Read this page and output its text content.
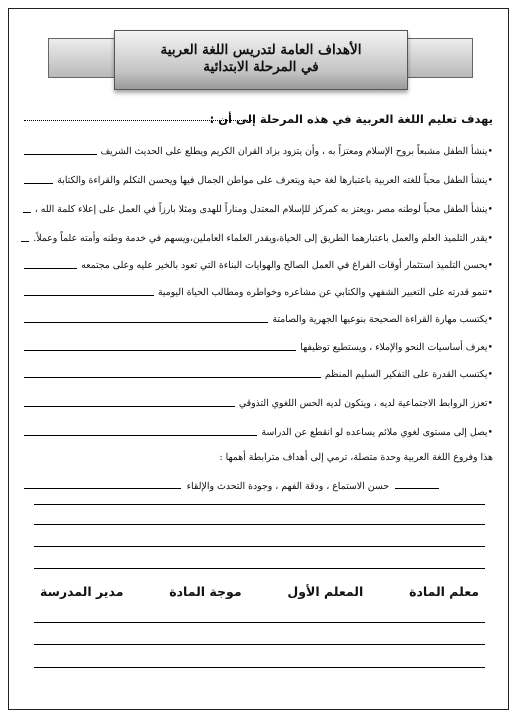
الأهداف العامة لتدريس اللغة العربية
في المرحلة الابتدائية
يهدف تعليم اللغة العربية في هذه المرحلة إلى أن :
•ينشأ الطفل مشبعاً بروح الإسلام ومعتزاً به ، وأن يتزود بزاد القران الكريم ويطلع على الحديث الشريف
•ينشأ الطفل محباً للغته العربية باعتبارها لغة حية ويتعرف على مواطن الجمال فيها ويحسن التكلم والقراءة والكتابة
•ينشأ الطفل محباً لوطنه مصر ،ويعتز به كمركز للإسلام المعتدل ومناراً للهدى ومثلا بارزاً في العمل على إعلاء كلمة الله ،
•يقدر التلميذ العلم والعمل باعتبارهما الطريق إلى الحياة،ويقدر العلماء العاملين،ويسهم في خدمة وطنه وأمته علماً وعملاً.
•يحسن التلميذ استثمار أوقات الفراغ في العمل الصالح والهوايات البناءة التي تعود بالخير عليه وعلى مجتمعه
•تنمو قدرته على التعبير الشفهي والكتابي عن مشاعره وخواطره ومطالب الحياة اليومية
•يكتسب مهارة القراءة الصحيحة بنوعيها الجهرية والصامتة
•يعرف أساسيات النحو والإملاء ، ويستطيع توظيفها
•يكتسب القدرة على التفكير السليم المنظم
•تعزز الروابط الاجتماعية لديه ، ويتكون لديه الحس اللغوي التذوقي
•يصل إلى مستوى لغوي ملائم يساعده لو انقطع عن الدراسة
هذا وفروع اللغة العربية وحدة متصلة، ترمي إلى أهداف مترابطة أهمها :
حسن الاستماع ، ودقة الفهم ، وجودة التحدث والإلقاء
معلم المادة
المعلم الأول
موجة المادة
مدير المدرسة
